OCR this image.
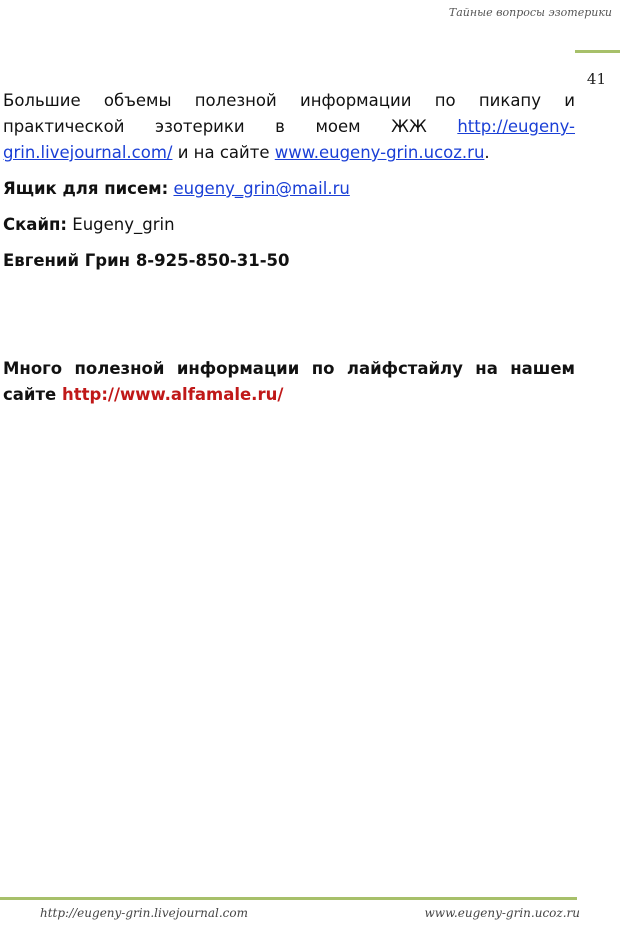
Тайные вопросы эзотерики
41

Большие объемы полезной информации по пикапу и практической эзотерики в моем ЖЖ http://eugeny-grin.livejournal.com/ и на сайте www.eugeny-grin.ucoz.ru.

Ящик для писем: eugeny_grin@mail.ru

Скайп: Eugeny_grin

Евгений Грин 8-925-850-31-50

Много полезной информации по лайфстайлу на нашем сайте http://www.alfamale.ru/

http://eugeny-grin.livejournal.com	www.eugeny-grin.ucoz.ru
